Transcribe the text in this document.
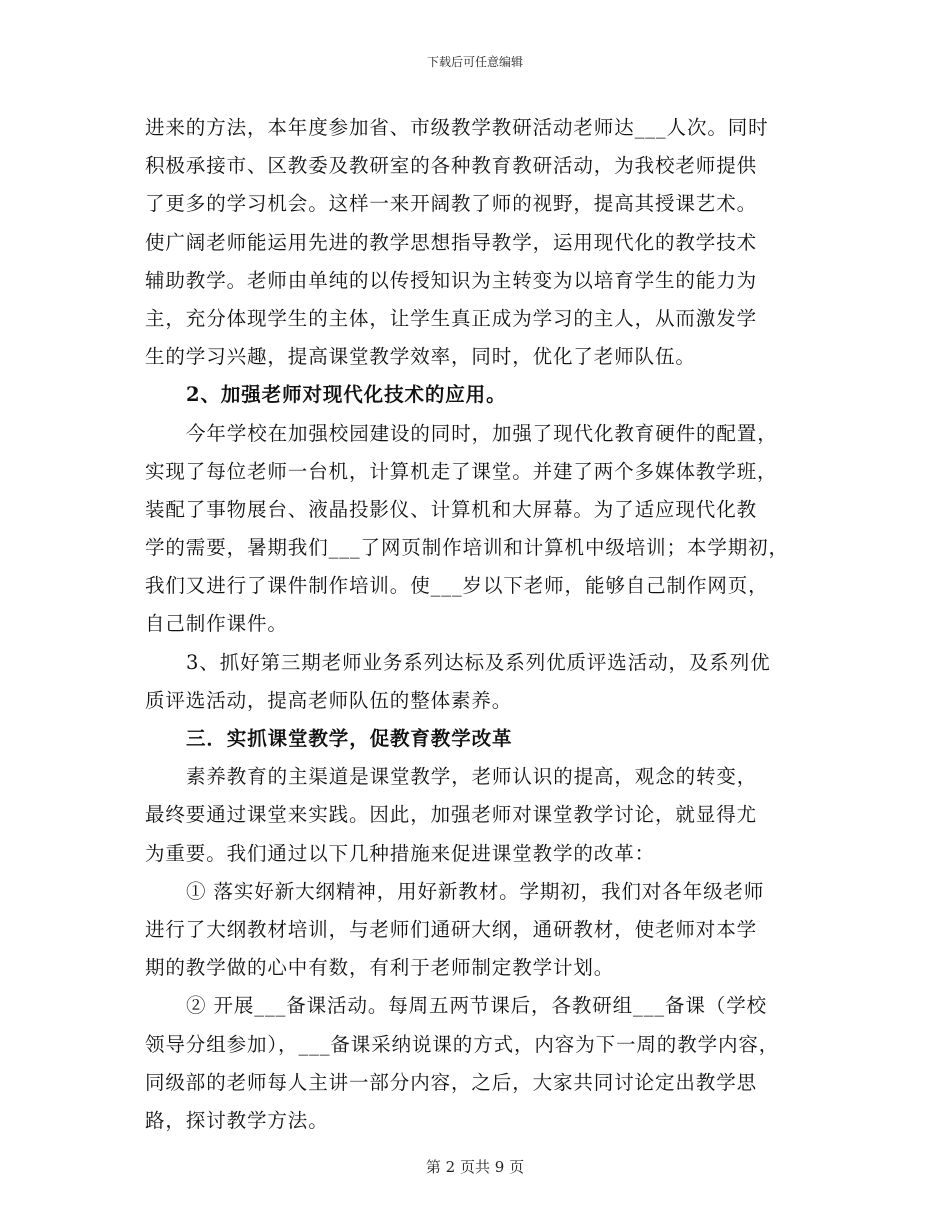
下载后可任意编辑
进来的方法，本年度参加省、市级教学教研活动老师达___人次。同时
积极承接市、区教委及教研室的各种教育教研活动，为我校老师提供
了更多的学习机会。这样一来开阔教了师的视野，提高其授课艺术。
使广阔老师能运用先进的教学思想指导教学，运用现代化的教学技术
辅助教学。老师由单纯的以传授知识为主转变为以培育学生的能力为
主，充分体现学生的主体，让学生真正成为学习的主人，从而激发学
生的学习兴趣，提高课堂教学效率，同时，优化了老师队伍。
2、加强老师对现代化技术的应用。
今年学校在加强校园建设的同时，加强了现代化教育硬件的配置，
实现了每位老师一台机，计算机走了课堂。并建了两个多媒体教学班，
装配了事物展台、液晶投影仪、计算机和大屏幕。为了适应现代化教
学的需要，暑期我们___了网页制作培训和计算机中级培训；本学期初，
我们又进行了课件制作培训。使___岁以下老师，能够自己制作网页，
自己制作课件。
3、抓好第三期老师业务系列达标及系列优质评选活动，及系列优
质评选活动，提高老师队伍的整体素养。
三．实抓课堂教学，促教育教学改革
素养教育的主渠道是课堂教学，老师认识的提高，观念的转变，
最终要通过课堂来实践。因此，加强老师对课堂教学讨论，就显得尤
为重要。我们通过以下几种措施来促进课堂教学的改革：
① 落实好新大纲精神，用好新教材。学期初，我们对各年级老师
进行了大纲教材培训，与老师们通研大纲，通研教材，使老师对本学
期的教学做的心中有数，有利于老师制定教学计划。
② 开展___备课活动。每周五两节课后，各教研组___备课（学校
领导分组参加），___备课采纳说课的方式，内容为下一周的教学内容，
同级部的老师每人主讲一部分内容，之后，大家共同讨论定出教学思
路，探讨教学方法。
第 2 页共 9 页
